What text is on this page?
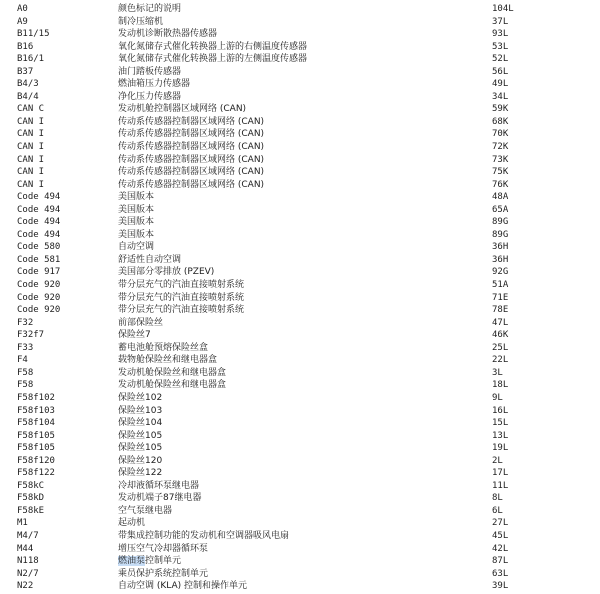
A0	颜色标记的说明	104L
A9	制冷压缩机	37L
B11/15	发动机诊断散热器传感器	93L
B16	氧化氮储存式催化转换器上游的右侧温度传感器	53L
B16/1	氧化氮储存式催化转换器上游的左侧温度传感器	52L
B37	油门踏板传感器	56L
B4/3	燃油箱压力传感器	49L
B4/4	净化压力传感器	34L
CAN C	发动机舱控制器区域网络 (CAN)	59K
CAN I	传动系传感器控制器区域网络 (CAN)	68K
CAN I	传动系传感器控制器区域网络 (CAN)	70K
CAN I	传动系传感器控制器区域网络 (CAN)	72K
CAN I	传动系传感器控制器区域网络 (CAN)	73K
CAN I	传动系传感器控制器区域网络 (CAN)	75K
CAN I	传动系传感器控制器区域网络 (CAN)	76K
Code 494	美国版本	48A
Code 494	美国版本	65A
Code 494	美国版本	89G
Code 494	美国版本	89G
Code 580	自动空调	36H
Code 581	舒适性自动空调	36H
Code 917	美国部分零排放 (PZEV)	92G
Code 920	带分层充气的汽油直接喷射系统	51A
Code 920	带分层充气的汽油直接喷射系统	71E
Code 920	带分层充气的汽油直接喷射系统	78E
F32	前部保险丝	47L
F32f7	保险丝7	46K
F33	蓄电池舱预熔保险丝盒	25L
F4	载物舱保险丝和继电器盒	22L
F58	发动机舱保险丝和继电器盒	3L
F58	发动机舱保险丝和继电器盒	18L
F58f102	保险丝102	9L
F58f103	保险丝103	16L
F58f104	保险丝104	15L
F58f105	保险丝105	13L
F58f105	保险丝105	19L
F58f120	保险丝120	2L
F58f122	保险丝122	17L
F58kC	冷却液循环泵继电器	11L
F58kD	发动机端子87继电器	8L
F58kE	空气泵继电器	6L
M1	起动机	27L
M4/7	带集成控制功能的发动机和空调器吸风电扇	45L
M44	增压空气冷却器循环泵	42L
N118	燃油泵控制单元	87L
N2/7	乘员保护系统控制单元	63L
N22	自动空调 (KLA) 控制和操作单元	39L
